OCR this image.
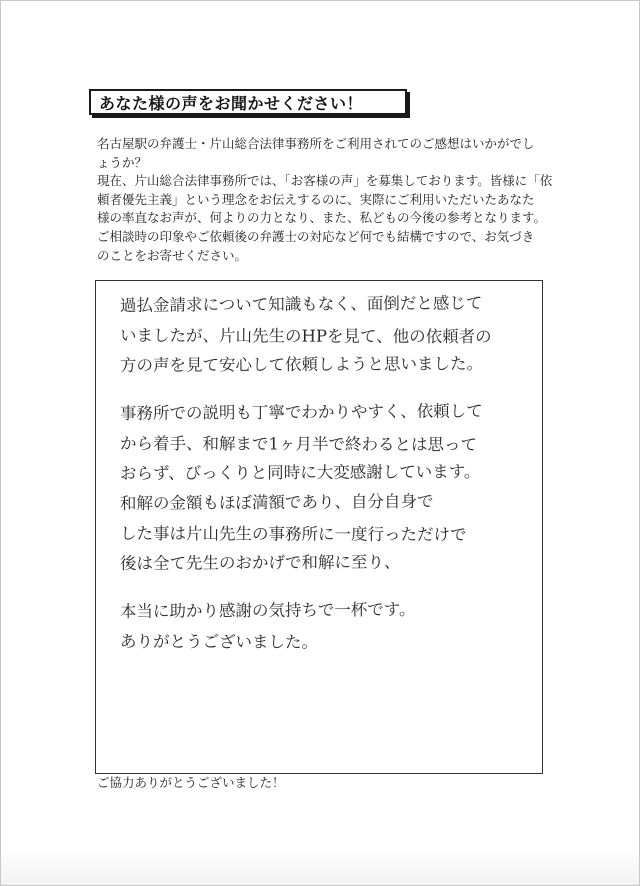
あなた様の声をお聞かせください！

名古屋駅の弁護士・片山総合法律事務所をご利用されてのご感想はいかがでし

ょうか？

現在、片山総合法律事務所では、「お客様の声」を募集しております。皆様に「依

頼者優先主義」という理念をお伝えするのに、実際にご利用いただいたあなた

様の率直なお声が、何よりの力となり、また、私どもの今後の参考となります。

ご相談時の印象やご依頼後の弁護士の対応など何でも結構ですので、お気づき

のことをお寄せください。

過払金請求について知識もなく、面倒だと感じて

いましたが、片山先生のHPを見て、他の依頼者の

方の声を見て安心して依頼しようと思いました。

事務所での説明も丁寧でわかりやすく、依頼して

から着手、和解まで1ヶ月半で終わるとは思って

おらず、びっくりと同時に大変感謝しています。

和解の金額もほぼ満額であり、自分自身で

した事は片山先生の事務所に一度行っただけで

後は全て先生のおかげで和解に至り、

本当に助かり感謝の気持ちで一杯です。

ありがとうございました。

ご協力ありがとうございました！
